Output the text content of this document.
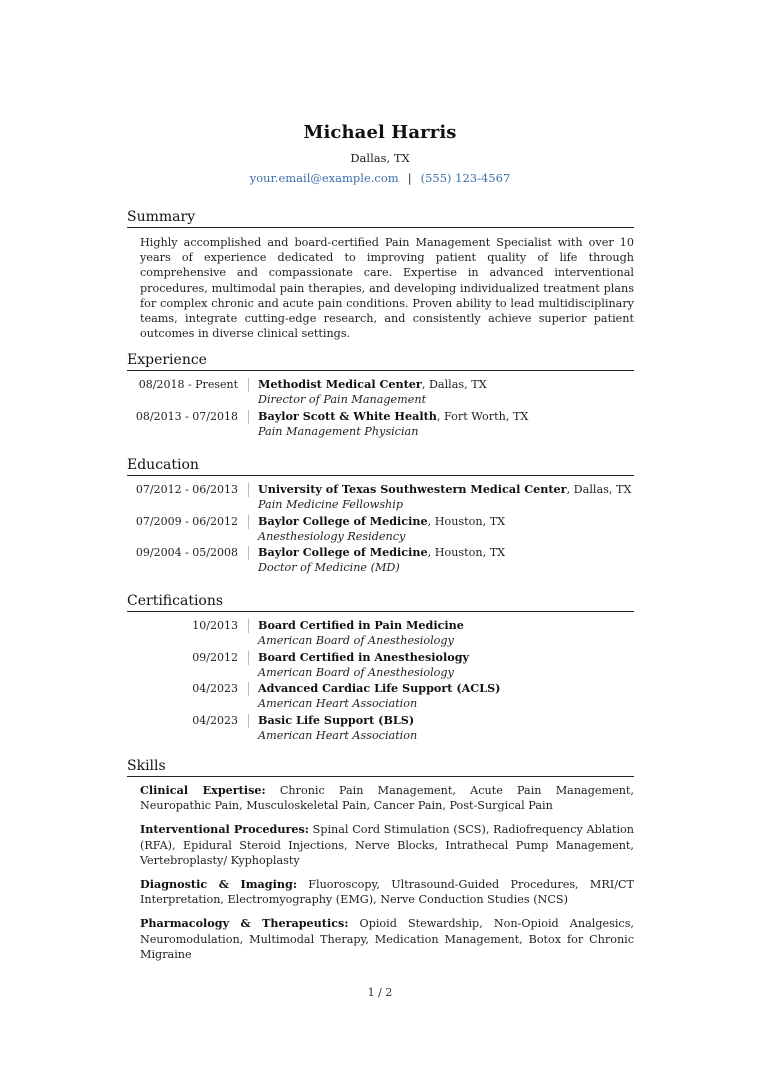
Michael Harris
Dallas, TX
your.email@example.com | (555) 123-4567
Summary
Highly accomplished and board-certified Pain Management Specialist with over 10 years of experience dedicated to improving patient quality of life through comprehensive and compassionate care. Expertise in advanced interventional procedures, multimodal pain therapies, and developing individualized treatment plans for complex chronic and acute pain conditions. Proven ability to lead multidisciplinary teams, integrate cutting-edge research, and consistently achieve superior patient outcomes in diverse clinical settings.
Experience
08/2018 - Present Methodist Medical Center, Dallas, TX
Director of Pain Management
08/2013 - 07/2018 Baylor Scott & White Health, Fort Worth, TX
Pain Management Physician
Education
07/2012 - 06/2013 University of Texas Southwestern Medical Center, Dallas, TX
Pain Medicine Fellowship
07/2009 - 06/2012 Baylor College of Medicine, Houston, TX
Anesthesiology Residency
09/2004 - 05/2008 Baylor College of Medicine, Houston, TX
Doctor of Medicine (MD)
Certifications
10/2013 Board Certified in Pain Medicine
American Board of Anesthesiology
09/2012 Board Certified in Anesthesiology
American Board of Anesthesiology
04/2023 Advanced Cardiac Life Support (ACLS)
American Heart Association
04/2023 Basic Life Support (BLS)
American Heart Association
Skills
Clinical Expertise: Chronic Pain Management, Acute Pain Management, Neuropathic Pain, Musculoskeletal Pain, Cancer Pain, Post-Surgical Pain
Interventional Procedures: Spinal Cord Stimulation (SCS), Radiofrequency Ablation (RFA), Epidural Steroid Injections, Nerve Blocks, Intrathecal Pump Management, Vertebroplasty/ Kyphoplasty
Diagnostic & Imaging: Fluoroscopy, Ultrasound-Guided Procedures, MRI/CT Interpretation, Electromyography (EMG), Nerve Conduction Studies (NCS)
Pharmacology & Therapeutics: Opioid Stewardship, Non-Opioid Analgesics, Neuromodulation, Multimodal Therapy, Medication Management, Botox for Chronic Migraine
1 / 2
